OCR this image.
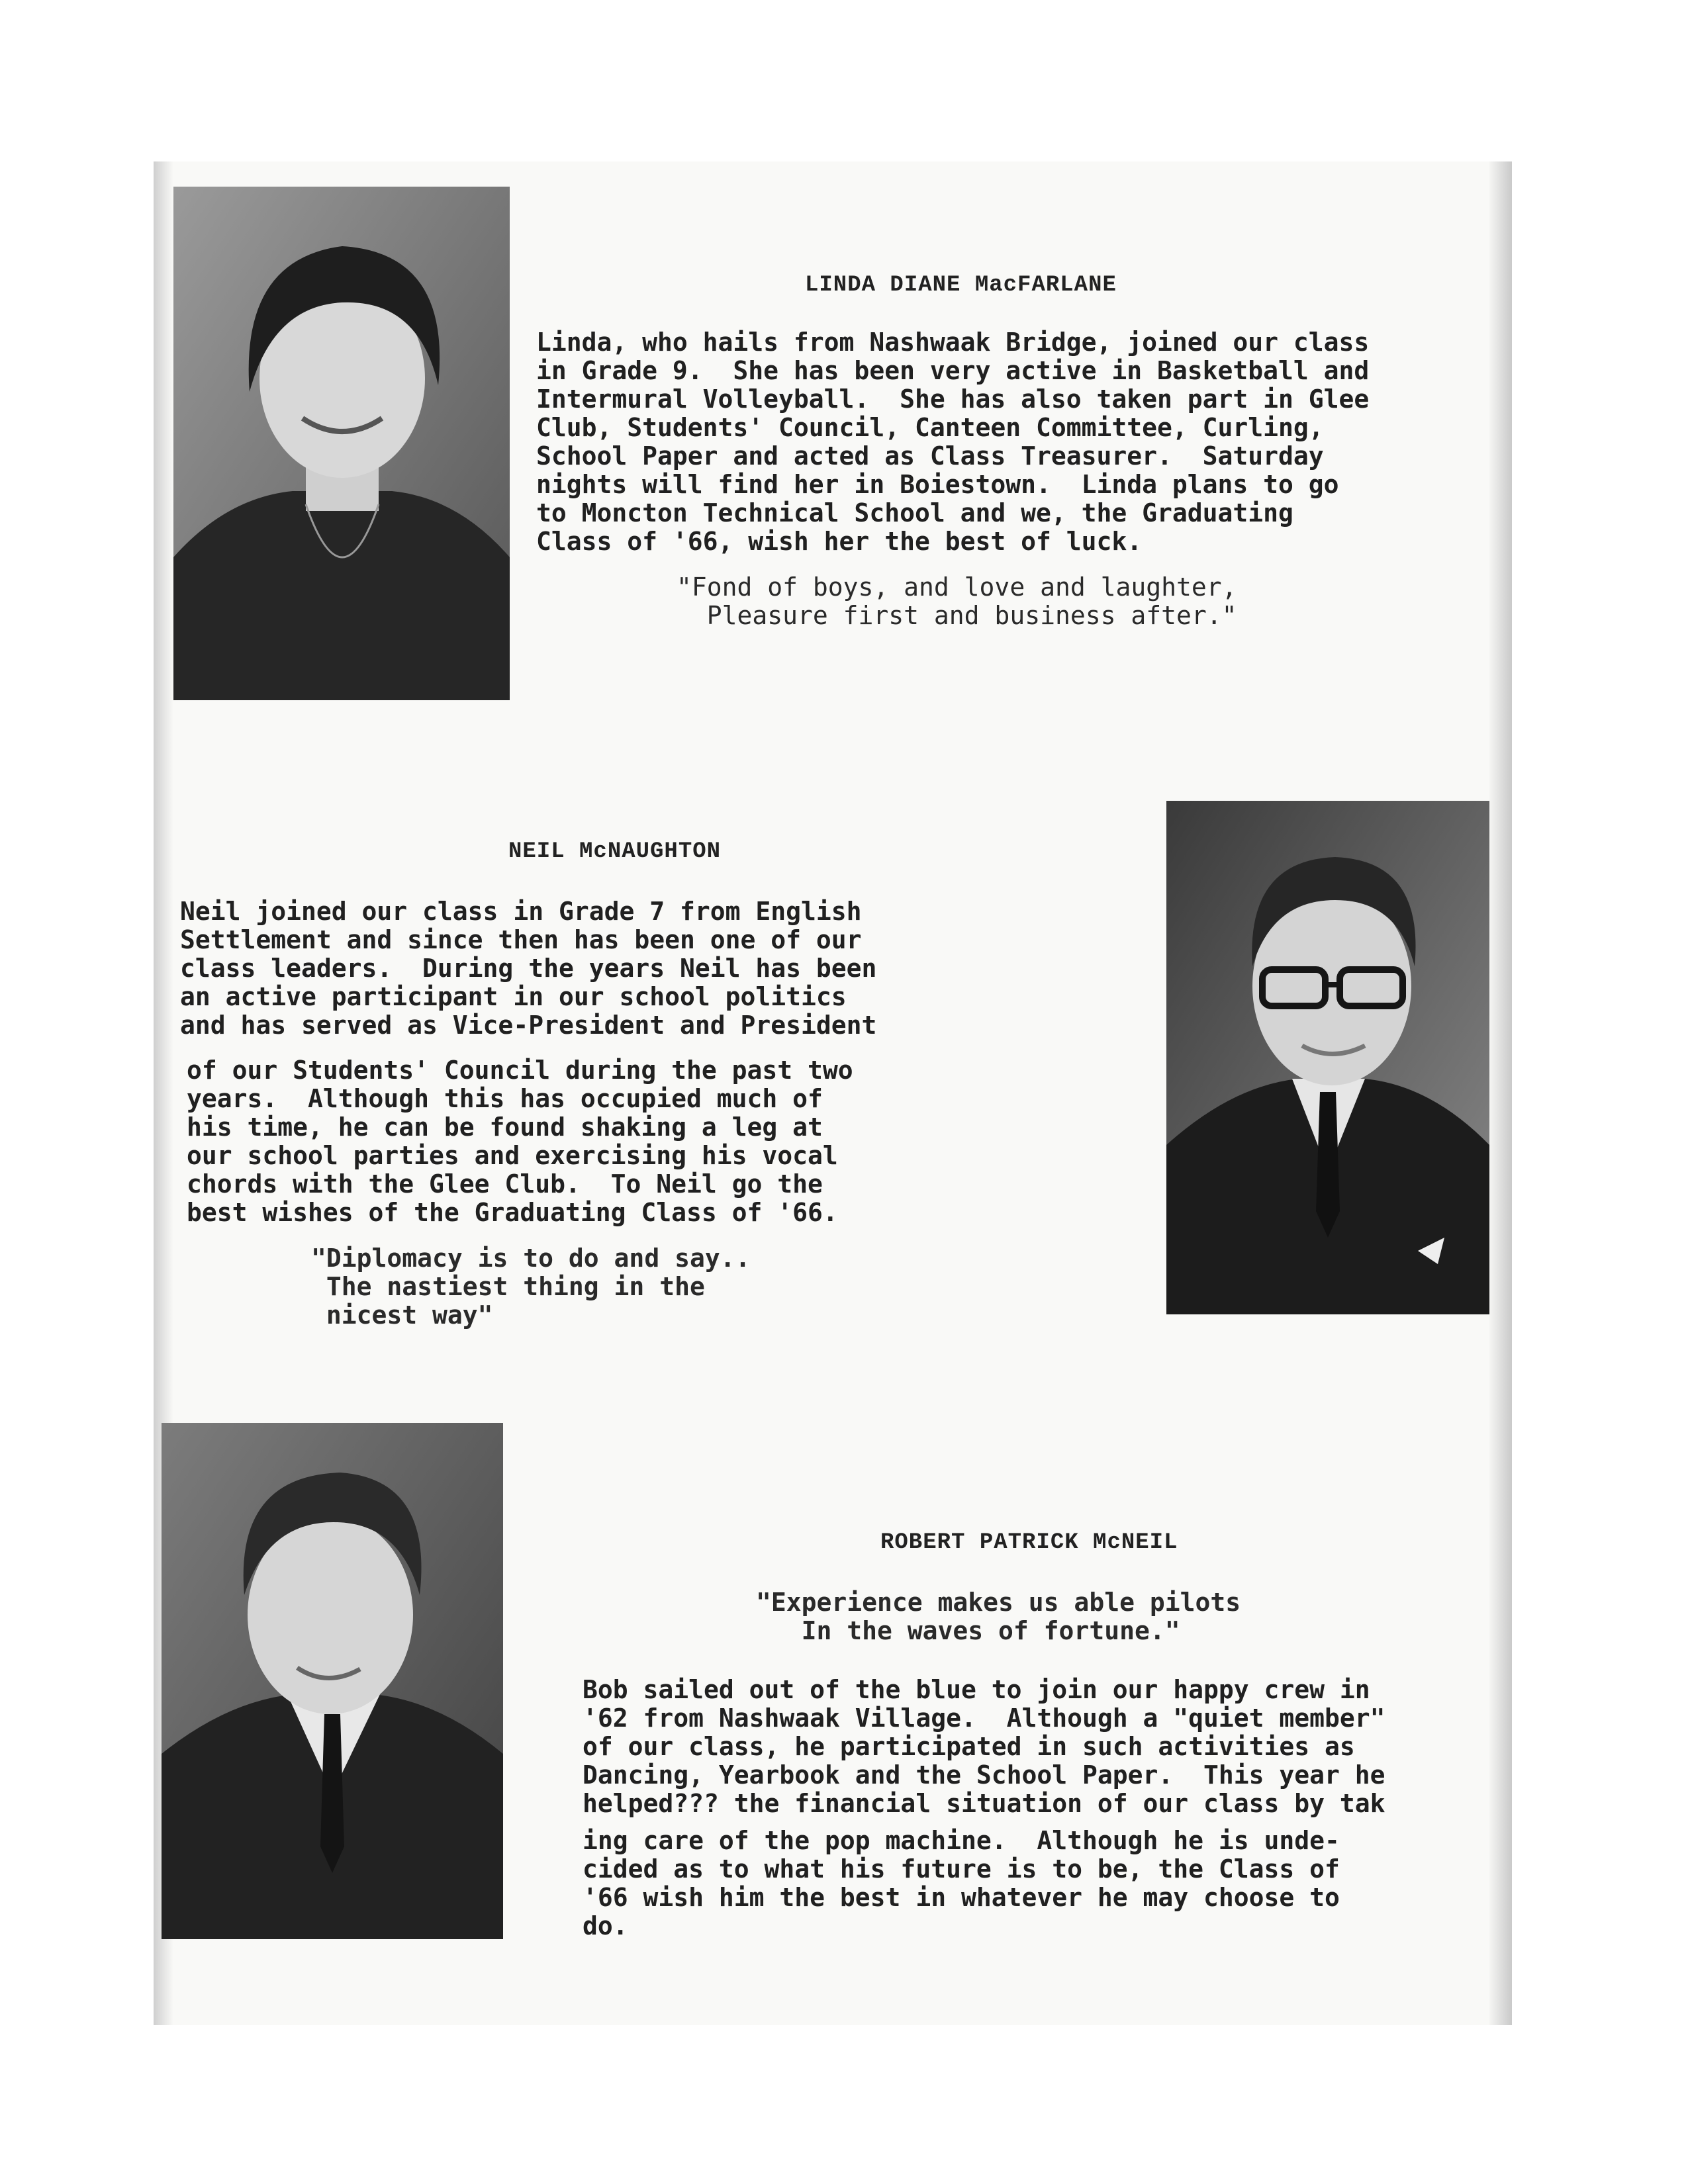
LINDA DIANE MacFARLANE
Linda, who hails from Nashwaak Bridge, joined our class
in Grade 9.  She has been very active in Basketball and
Intermural Volleyball.  She has also taken part in Glee
Club, Students' Council, Canteen Committee, Curling,
School Paper and acted as Class Treasurer.  Saturday
nights will find her in Boiestown.  Linda plans to go
to Moncton Technical School and we, the Graduating
Class of '66, wish her the best of luck.
"Fond of boys, and love and laughter,
Pleasure first and business after."
NEIL McNAUGHTON
Neil joined our class in Grade 7 from English
Settlement and since then has been one of our
class leaders.  During the years Neil has been
an active participant in our school politics
and has served as Vice-President and President
of our Students' Council during the past two
years.  Although this has occupied much of
his time, he can be found shaking a leg at
our school parties and exercising his vocal
chords with the Glee Club.  To Neil go the
best wishes of the Graduating Class of '66.
"Diplomacy is to do and say..
The nastiest thing in the
nicest way"
ROBERT PATRICK McNEIL
"Experience makes us able pilots
In the waves of fortune."
Bob sailed out of the blue to join our happy crew in
'62 from Nashwaak Village.  Although a "quiet member"
of our class, he participated in such activities as
Dancing, Yearbook and the School Paper.  This year he
helped??? the financial situation of our class by tak
ing care of the pop machine.  Although he is unde-
cided as to what his future is to be, the Class of
'66 wish him the best in whatever he may choose to
do.
